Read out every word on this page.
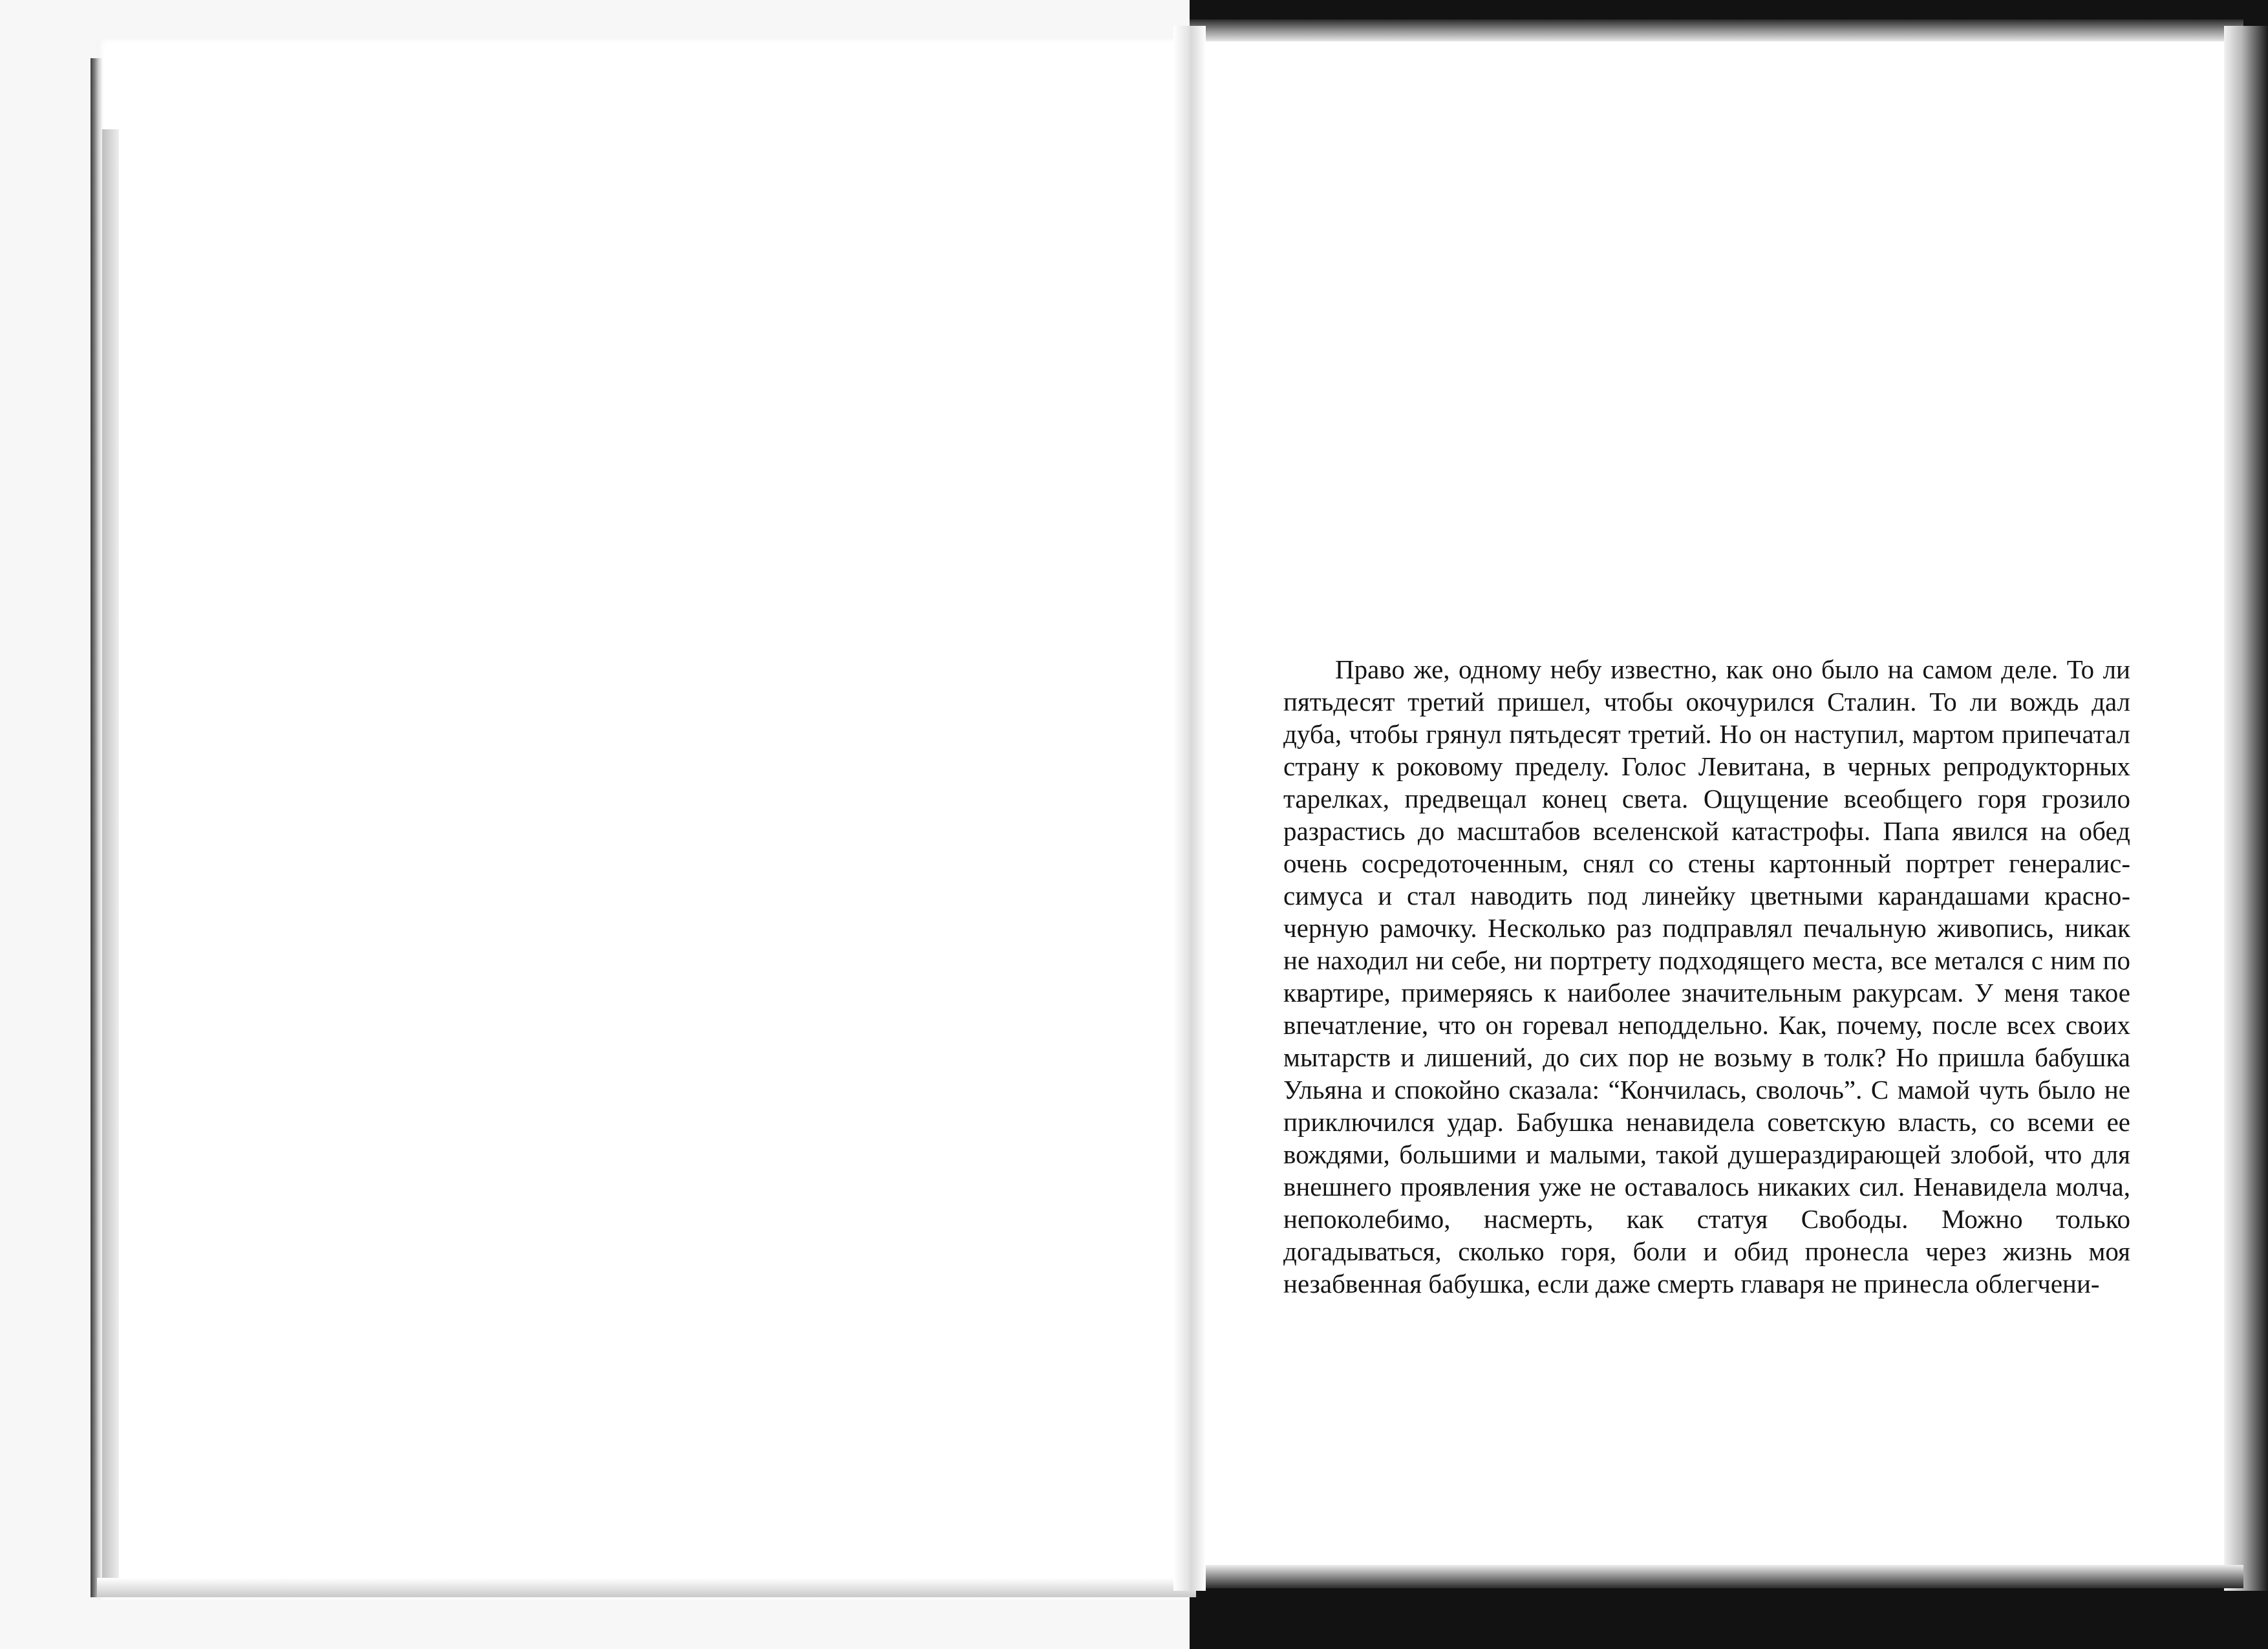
Право же, одному небу известно, как оно было на самом деле. То ли пятьдесят третий пришел, чтобы окочурился Сталин. То ли вождь дал дуба, чтобы грянул пятьдесят третий. Но он наступил, мартом припечатал страну к роковому пределу. Голос Левитана, в черных репродукторных тарелках, предвещал конец света. Ощущение всеобщего горя грозило разрастись до масштабов вселенской катастрофы. Папа явился на обед очень сосредоточенным, снял со стены картонный портрет генералиссимуса и стал наводить под линейку цветными карандашами красно-черную рамочку. Несколько раз подправлял печальную живопись, никак не находил ни себе, ни портрету подходящего места, все метался с ним по квартире, примеряясь к наиболее значительным ракурсам. У меня такое впечатление, что он горевал неподдельно. Как, почему, после всех своих мытарств и лишений, до сих пор не возьму в толк? Но пришла бабушка Ульяна и спокойно сказала: “Кончилась, сволочь”. С мамой чуть было не приключился удар. Бабушка ненавидела советскую власть, со всеми ее вождями, большими и малыми, такой душераздирающей злобой, что для внешнего проявления уже не оставалось никаких сил. Ненавидела молча, непоколебимо, насмерть, как статуя Свободы. Можно только догадываться, сколько горя, боли и обид пронесла через жизнь моя незабвенная бабушка, если даже смерть главаря не принесла облегчени-
